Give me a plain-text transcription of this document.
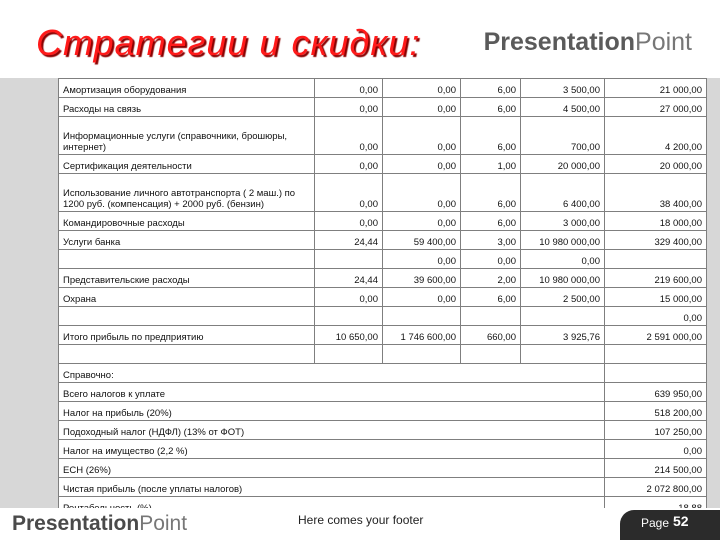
Стратегии и скидки:	PresentationPoint
Амортизация оборудования	0,00	0,00	6,00	3 500,00	21 000,00
Расходы на связь	0,00	0,00	6,00	4 500,00	27 000,00
Информационные услуги (справочники, брошюры, интернет)	0,00	0,00	6,00	700,00	4 200,00
Сертификация деятельности	0,00	0,00	1,00	20 000,00	20 000,00
Использование личного автотранспорта ( 2 маш.) по 1200 руб. (компенсация) + 2000 руб. (бензин)	0,00	0,00	6,00	6 400,00	38 400,00
Командировочные расходы	0,00	0,00	6,00	3 000,00	18 000,00
Услуги банка	24,44	59 400,00	3,00	10 980 000,00	329 400,00
		0,00	0,00	0,00	
Представительские расходы	24,44	39 600,00	2,00	10 980 000,00	219 600,00
Охрана	0,00	0,00	6,00	2 500,00	15 000,00
					0,00
Итого прибыль по предприятию	10 650,00	1 746 600,00	660,00	3 925,76	2 591 000,00

Справочно:					
Всего налогов к уплате					639 950,00
Налог на прибыль (20%)					518 200,00
Подоходный налог (НДФЛ) (13% от ФОТ)					107 250,00
Налог на имущество (2,2 %)					0,00
ЕСН (26%)					214 500,00
Чистая прибыль (после уплаты налогов)					2 072 800,00

PresentationPoint	Here comes your footer	Page 52
